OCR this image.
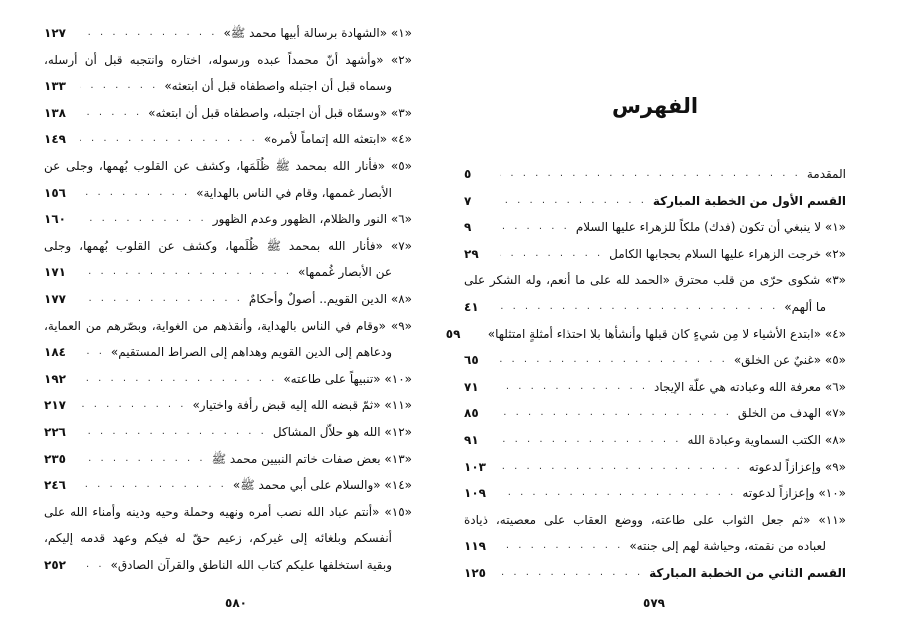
«١» «الشهادة برسالة أبيها محمد ﷺ»
. . .
١٢٧
«٢» «وأشهد أنّ محمداً عبده ورسوله، اختاره وانتجبه قبل أن أرسله،
وسماه قبل أن اجتبله واصطفاه قبل أن ابتعثه»
. . .
١٣٣
«٣» «وسمّاه قبل أن اجتبله، واصطفاه قبل أن ابتعثه»
. . .
١٣٨
«٤» «ابتعثه الله إتماماً لأمره»
. . .
١٤٩
«٥» «فأنار الله بمحمد ﷺ ظُلَمَها، وكشف عن القلوب بُهمها، وجلى عن
الأبصار غممها، وقام في الناس بالهداية»
. . .
١٥٦
«٦» النور والظلام، الظهور وعدم الظهور
. . .
١٦٠
«٧» «فأنار الله بمحمد ﷺ ظُلَمها، وكشف عن القلوب بُهمها، وجلى
عن الأبصار غُممها»
. . .
١٧١
«٨» الدين القويم.. أصولٌ وأحكامٌ
. . .
١٧٧
«٩» «وقام في الناس بالهداية، وأنقذهم من الغواية، وبصّرهم من العماية،
ودعاهم إلى الدين القويم وهداهم إلى الصراط المستقيم»
. . .
١٨٤
«١٠» «تنبيهاً على طاعته»
. . .
١٩٢
«١١» «ثمّ قبضه الله إليه قبض رأفة واختيار»
. . .
٢١٧
«١٢» الله هو حلاّل المشاكل
. . .
٢٢٦
«١٣» بعض صفات خاتم النبيين محمد ﷺ
. . .
٢٣٥
«١٤» «والسلام على أبي محمد ﷺ»
. . .
٢٤٦
«١٥» «أنتم عباد الله نصب أمره ونهيه وحملة وحيه ودينه وأمناء الله على
أنفسكم وبلغائه إلى غيركم، زعيم حقّ له فيكم وعهد قدمه إليكم،
وبقية استخلفها عليكم كتاب الله الناطق والقرآن الصادق»
. . .
٢٥٢
الفهرس
المقدمة
. . .
٥
القسم الأول من الخطبة المباركة
. . .
٧
«١» لا ينبغي أن تكون (فدك) ملكاً للزهراء عليها السلام
. . .
٩
«٢» خرجت الزهراء عليها السلام بحجابها الكامل
. . .
٢٩
«٣» شكوى حرّى من قلب محترق «الحمد لله على ما أنعم، وله الشكر على
ما ألهم»
. . .
٤١
«٤» «ابتدع الأشياء لا مِن شيءٍ كان قبلها وأنشأها بلا احتذاء أمثلةٍ امتثلها»
٥٩
«٥» «غنيٌ عن الخلق»
. . .
٦٥
«٦» معرفة الله وعبادته هي علّة الإيجاد
. . .
٧١
«٧» الهدف من الخلق
. . .
٨٥
«٨» الكتب السماوية وعبادة الله
. . .
٩١
«٩» وإعزازاً لدعوته
. . .
١٠٣
«١٠» وإعزازاً لدعوته
. . .
١٠٩
«١١» «ثم جعل الثواب على طاعته، ووضع العقاب على معصيته، ذيادة
لعباده من نقمته، وحياشة لهم إلى جنته»
. . .
١١٩
القسم الثاني من الخطبة المباركة
. . .
١٢٥
٥٨٠	٥٧٩
